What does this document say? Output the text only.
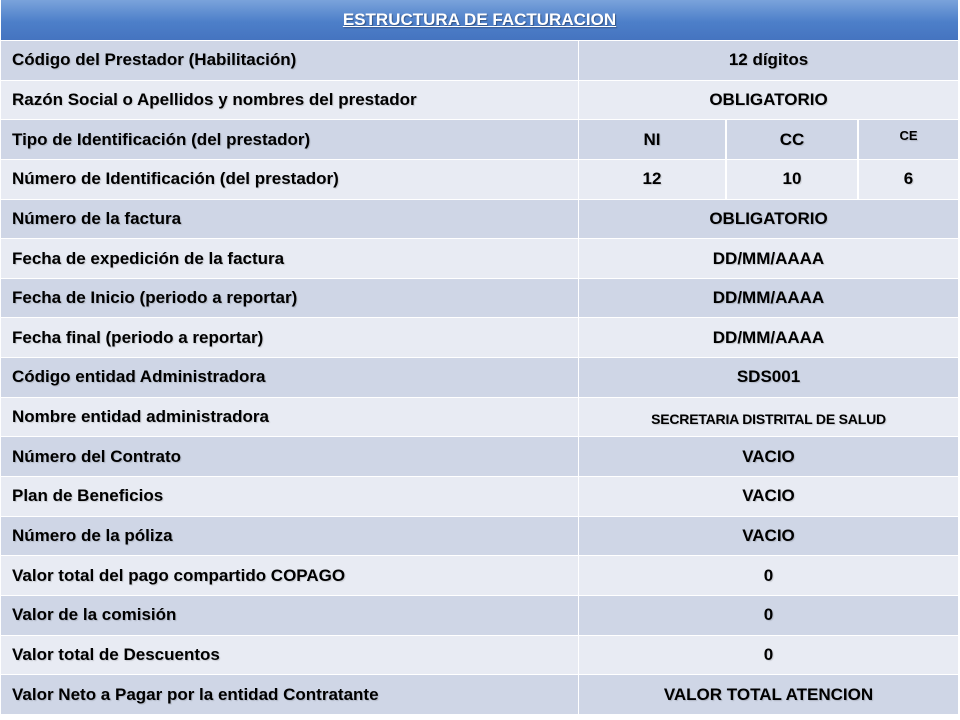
ESTRUCTURA DE FACTURACION
Código del Prestador (Habilitación)	12 dígitos
Razón Social o Apellidos y nombres del prestador	OBLIGATORIO
Tipo de Identificación (del prestador)	NI	CC	CE
Número de Identificación (del prestador)	12	10	6
Número de la factura	OBLIGATORIO
Fecha de expedición de la factura	DD/MM/AAAA
Fecha de Inicio (periodo a reportar)	DD/MM/AAAA
Fecha final (periodo a reportar)	DD/MM/AAAA
Código entidad Administradora	SDS001
Nombre entidad administradora	SECRETARIA DISTRITAL DE SALUD
Número del Contrato	VACIO
Plan de Beneficios	VACIO
Número de la póliza	VACIO
Valor total del pago compartido COPAGO	0
Valor de la comisión	0
Valor total de Descuentos	0
Valor Neto a Pagar por la entidad Contratante	VALOR TOTAL ATENCION
